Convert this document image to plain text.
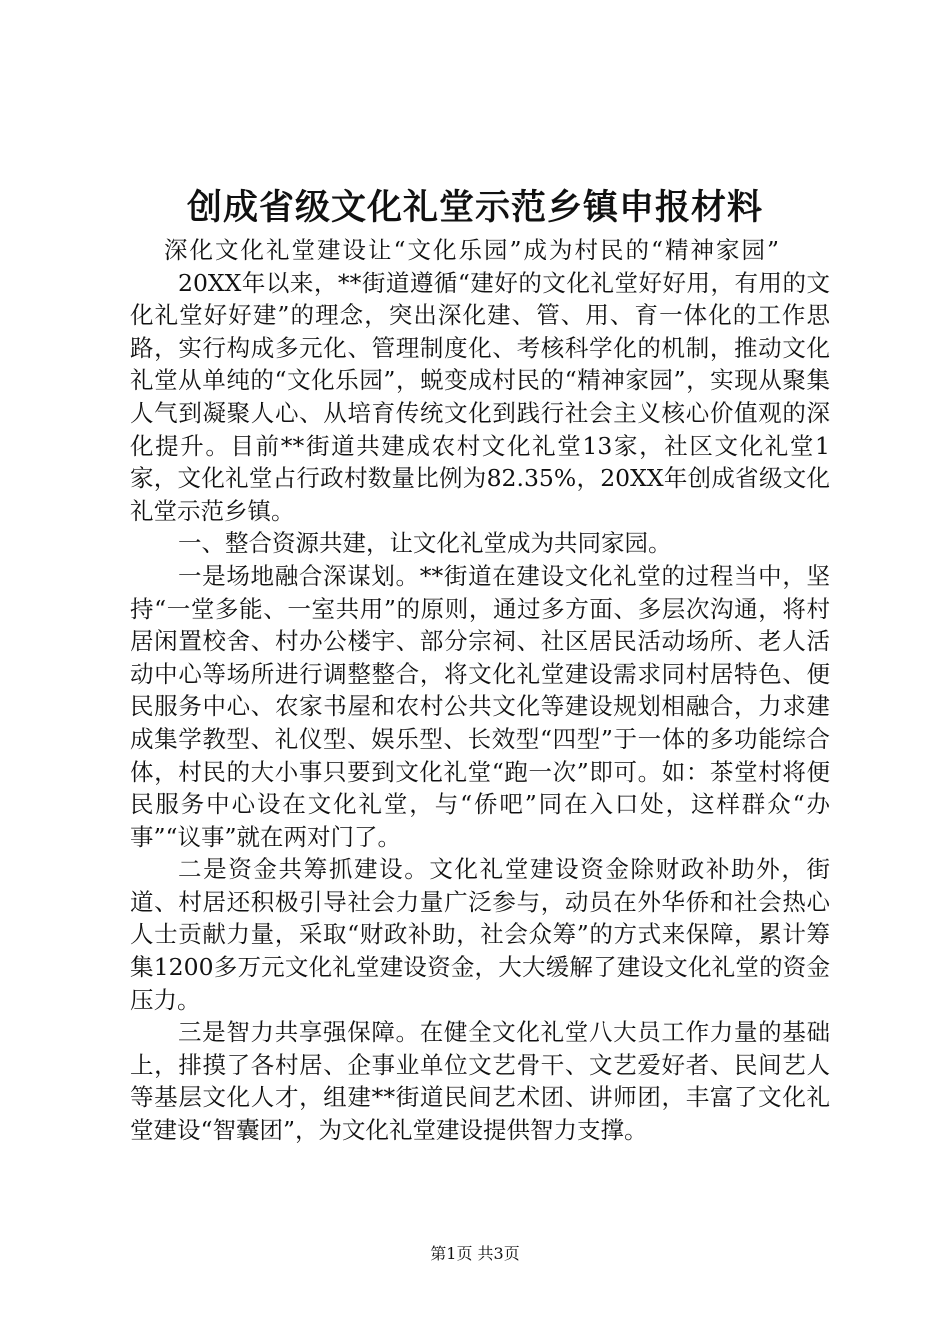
创成省级文化礼堂示范乡镇申报材料

深化文化礼堂建设让“文化乐园”成为村民的“精神家园”

20XX年以来，**街道遵循“建好的文化礼堂好好用，有用的文化礼堂好好建”的理念，突出深化建、管、用、育一体化的工作思路，实行构成多元化、管理制度化、考核科学化的机制，推动文化礼堂从单纯的“文化乐园”，蜕变成村民的“精神家园”，实现从聚集人气到凝聚人心、从培育传统文化到践行社会主义核心价值观的深化提升。目前**街道共建成农村文化礼堂13家，社区文化礼堂1家，文化礼堂占行政村数量比例为82.35%，20XX年创成省级文化礼堂示范乡镇。

一、整合资源共建，让文化礼堂成为共同家园。

一是场地融合深谋划。**街道在建设文化礼堂的过程当中，坚持“一堂多能、一室共用”的原则，通过多方面、多层次沟通，将村居闲置校舍、村办公楼宇、部分宗祠、社区居民活动场所、老人活动中心等场所进行调整整合，将文化礼堂建设需求同村居特色、便民服务中心、农家书屋和农村公共文化等建设规划相融合，力求建成集学教型、礼仪型、娱乐型、长效型“四型”于一体的多功能综合体，村民的大小事只要到文化礼堂“跑一次”即可。如：茶堂村将便民服务中心设在文化礼堂，与“侨吧”同在入口处，这样群众“办事”“议事”就在两对门了。

二是资金共筹抓建设。文化礼堂建设资金除财政补助外，街道、村居还积极引导社会力量广泛参与，动员在外华侨和社会热心人士贡献力量，采取“财政补助，社会众筹”的方式来保障，累计筹集1200多万元文化礼堂建设资金，大大缓解了建设文化礼堂的资金压力。

三是智力共享强保障。在健全文化礼堂八大员工作力量的基础上，排摸了各村居、企事业单位文艺骨干、文艺爱好者、民间艺人等基层文化人才，组建**街道民间艺术团、讲师团，丰富了文化礼堂建设“智囊团”，为文化礼堂建设提供智力支撑。

第1页 共3页
